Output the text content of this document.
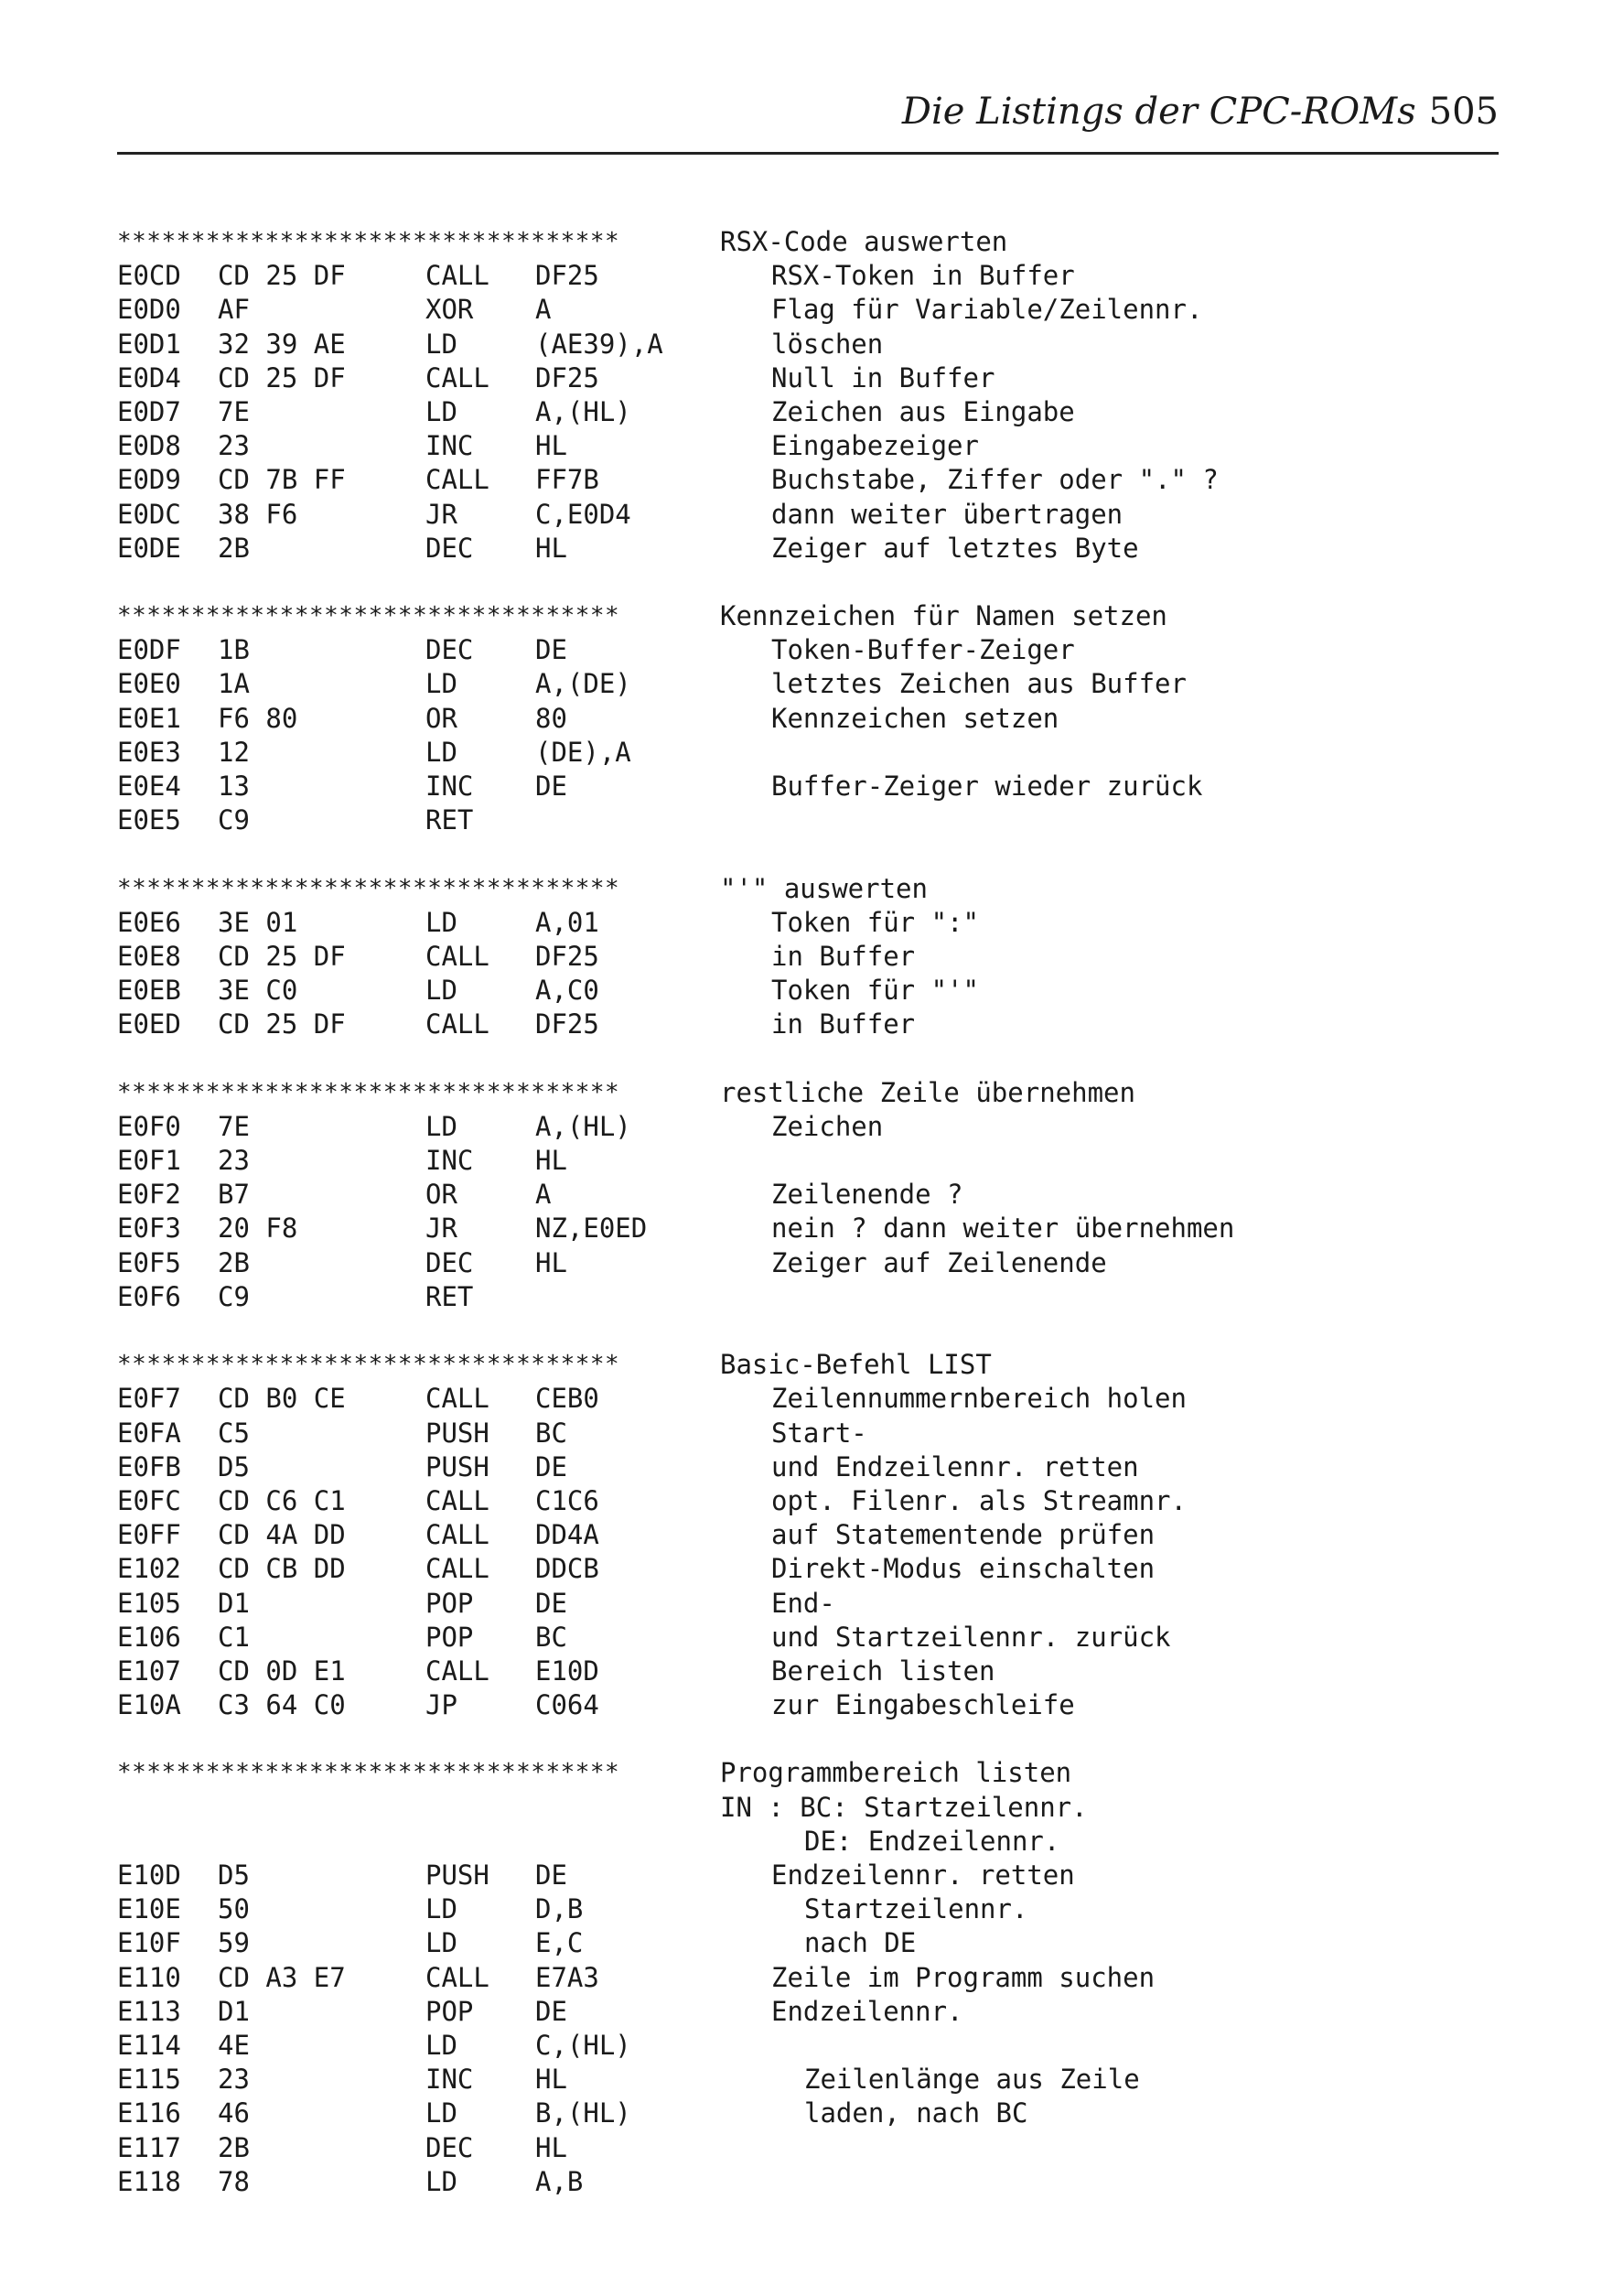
Die Listings der CPC-ROMs 505
**********************************	RSX-Code auswerten
E0CD CD 25 DF	CALL DF25	RSX-Token in Buffer
E0D0 AF	XOR A	Flag für Variable/Zeilennr.
E0D1 32 39 AE	LD	(AE39),A	löschen
E0D4 CD 25 DF	CALL DF25	Null in Buffer
E0D7 7E	LD	A,(HL)	Zeichen aus Eingabe
E0D8 23	INC HL	Eingabezeiger
E0D9 CD 7B FF	CALL FF7B	Buchstabe, Ziffer oder "." ?
E0DC 38 F6	JR	C,E0D4	dann weiter übertragen
E0DE 2B	DEC HL	Zeiger auf letztes Byte
**********************************	Kennzeichen für Namen setzen
E0DF 1B	DEC DE	Token-Buffer-Zeiger
E0E0 1A	LD	A,(DE)	letztes Zeichen aus Buffer
E0E1 F6 80	OR	80	Kennzeichen setzen
E0E3 12	LD	(DE),A
E0E4 13	INC DE	Buffer-Zeiger wieder zurück
E0E5 C9	RET
**********************************	"'" auswerten
E0E6 3E 01	LD	A,01	Token für ":"
E0E8 CD 25 DF	CALL DF25	in Buffer
E0EB 3E C0	LD	A,C0	Token für "'"
E0ED CD 25 DF	CALL DF25	in Buffer
**********************************	restliche Zeile übernehmen
E0F0 7E	LD	A,(HL)	Zeichen
E0F1 23	INC HL
E0F2 B7	OR	A	Zeilenende ?
E0F3 20 F8	JR	NZ,E0ED	nein ? dann weiter übernehmen
E0F5 2B	DEC HL	Zeiger auf Zeilenende
E0F6 C9	RET
**********************************	Basic-Befehl LIST
E0F7 CD B0 CE	CALL CEB0	Zeilennummernbereich holen
E0FA C5	PUSH BC	Start-
E0FB D5	PUSH DE	und Endzeilennr. retten
E0FC CD C6 C1	CALL C1C6	opt. Filenr. als Streamnr.
E0FF CD 4A DD	CALL DD4A	auf Statementende prüfen
E102 CD CB DD	CALL DDCB	Direkt-Modus einschalten
E105 D1	POP DE	End-
E106 C1	POP BC	und Startzeilennr. zurück
E107 CD 0D E1	CALL E10D	Bereich listen
E10A C3 64 C0	JP	C064	zur Eingabeschleife
**********************************	Programmbereich listen
IN : BC: Startzeilennr.
DE: Endzeilennr.
E10D D5	PUSH DE	Endzeilennr. retten
E10E 50	LD	D,B	Startzeilennr.
E10F 59	LD	E,C	nach DE
E110 CD A3 E7	CALL E7A3	Zeile im Programm suchen
E113 D1	POP DE	Endzeilennr.
E114 4E	LD	C,(HL)
E115 23	INC HL	Zeilenlänge aus Zeile
E116 46	LD	B,(HL)	laden, nach BC
E117 2B	DEC HL
E118 78	LD	A,B
